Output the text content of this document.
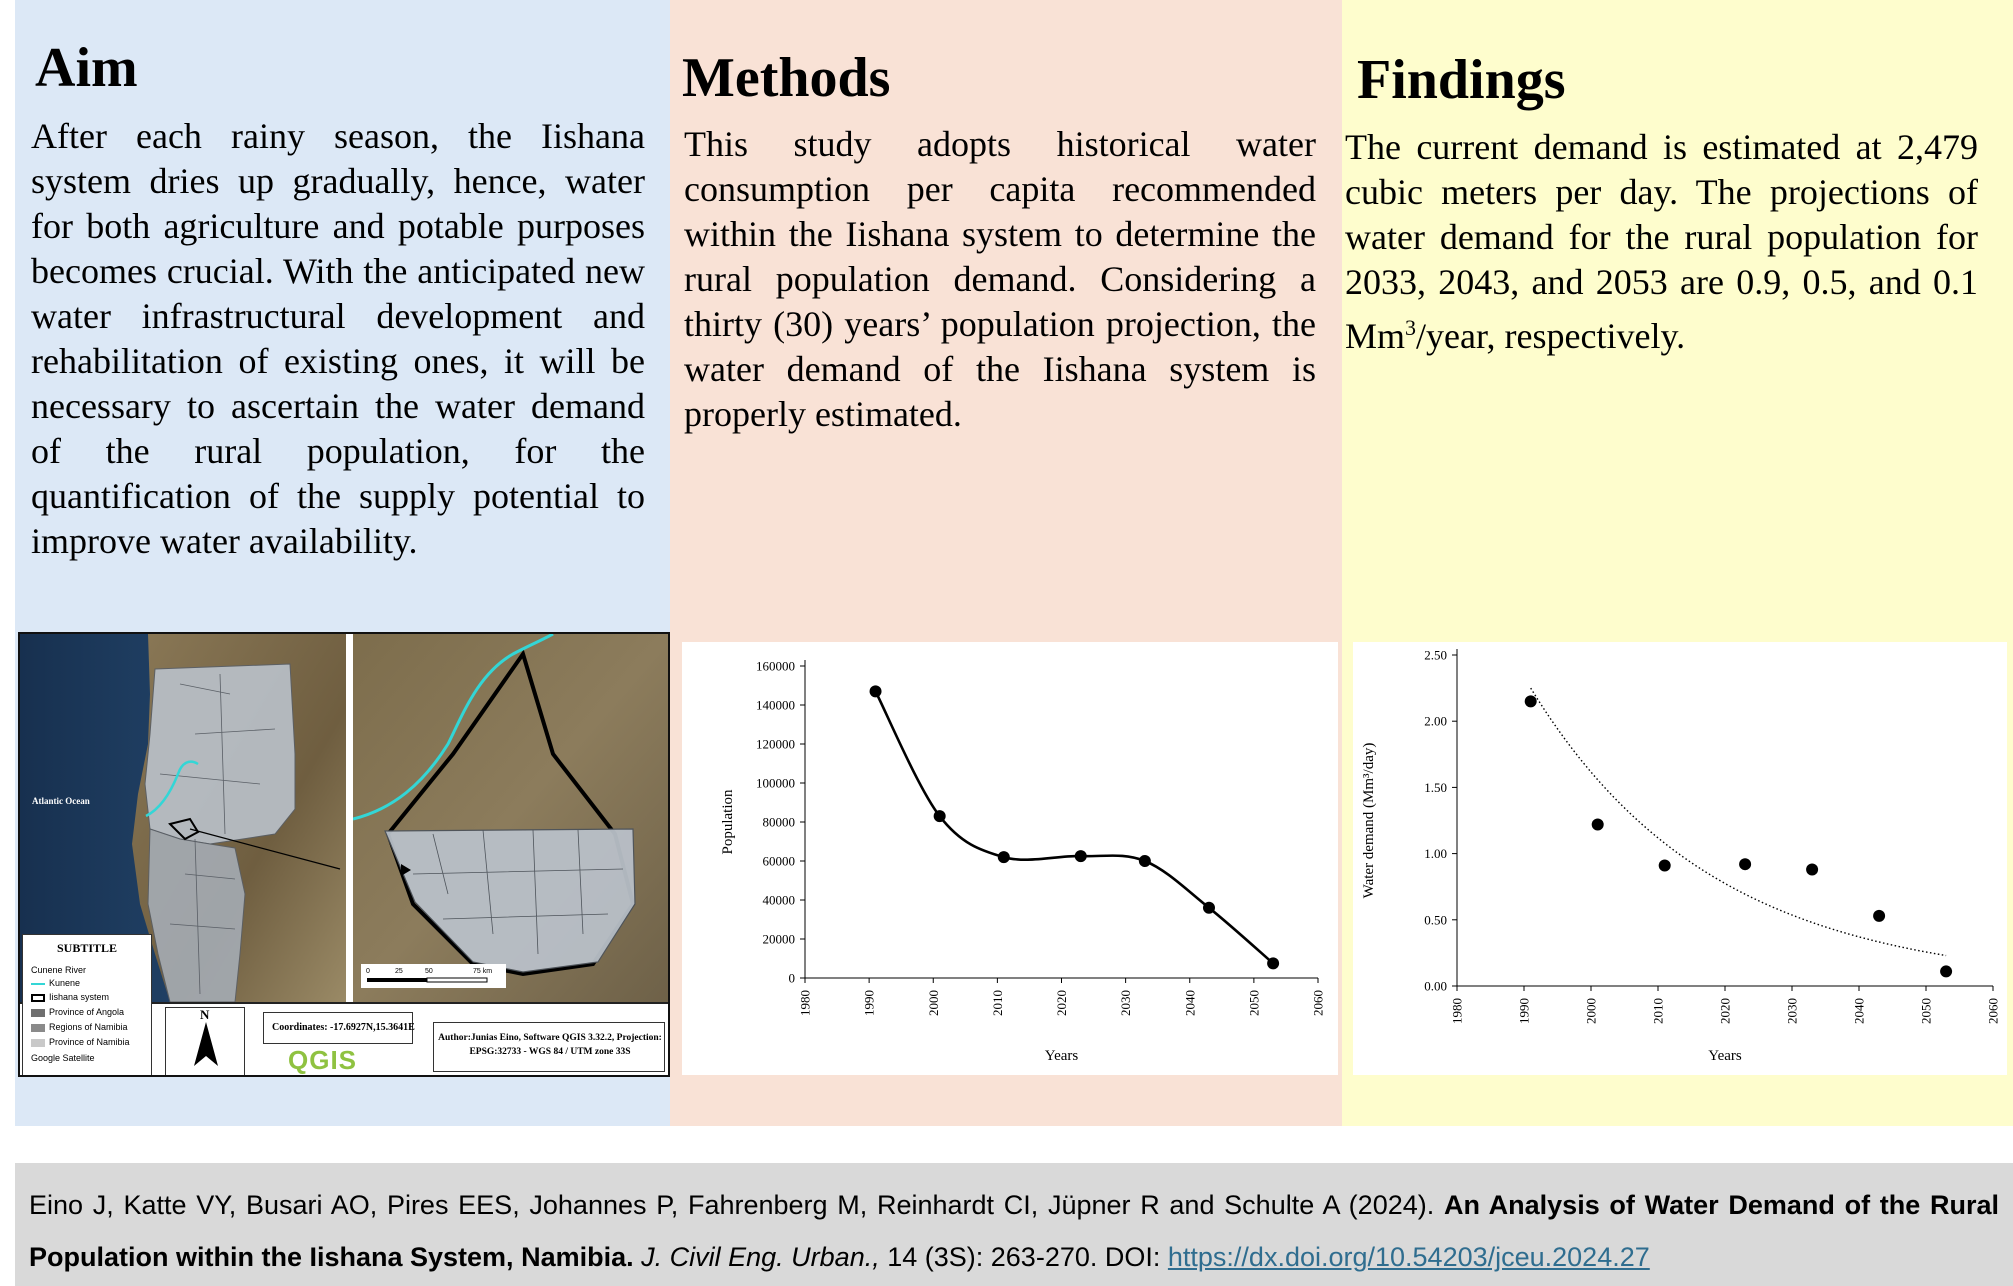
Aim
After each rainy season, the Iishana system dries up gradually, hence, water for both agriculture and potable purposes becomes crucial. With the anticipated new water infrastructural development and rehabilitation of existing ones, it will be necessary to ascertain the water demand of the rural population, for the quantification of the supply potential to improve water availability.
Methods
This study adopts historical water consumption per capita recommended within the Iishana system to determine the rural population demand. Considering a thirty (30) years’ population projection, the water demand of the Iishana system is properly estimated.
Findings
The current demand is estimated at 2,479 cubic meters per day. The projections of water demand for the rural population for 2033, 2043, and 2053 are 0.9, 0.5, and 0.1 Mm$^3$/year, respectively.
Atlantic Ocean
0	25	50	75 km
SUBTITLE
Cunene River
Kunene
Iishana system
Province of Angola
Regions of Namibia
Province of Namibia
Google Satellite
N
Coordinates: -17.6927N,15.3641E
QGIS
Author:Junias Eino, Software QGIS 3.32.2, Projection:
EPSG:32733 - WGS 84 / UTM zone 33S
0
20000
40000
60000
80000
100000
120000
140000
160000
1980	1990	2000	2010	2020	2030	2040	2050	2060
Years
Population
0.00
0.50
1.00
1.50
2.00
2.50
1980	1990	2000	2010	2020	2030	2040	2050	2060
Years
Water demand (Mm³/day)
Eino J, Katte VY, Busari AO, Pires EES, Johannes P, Fahrenberg M, Reinhardt CI, Jüpner R and Schulte A (2024). An Analysis of Water Demand of the Rural Population within the Iishana System, Namibia. J. Civil Eng. Urban., 14 (3S): 263-270. DOI: https://dx.doi.org/10.54203/jceu.2024.27
